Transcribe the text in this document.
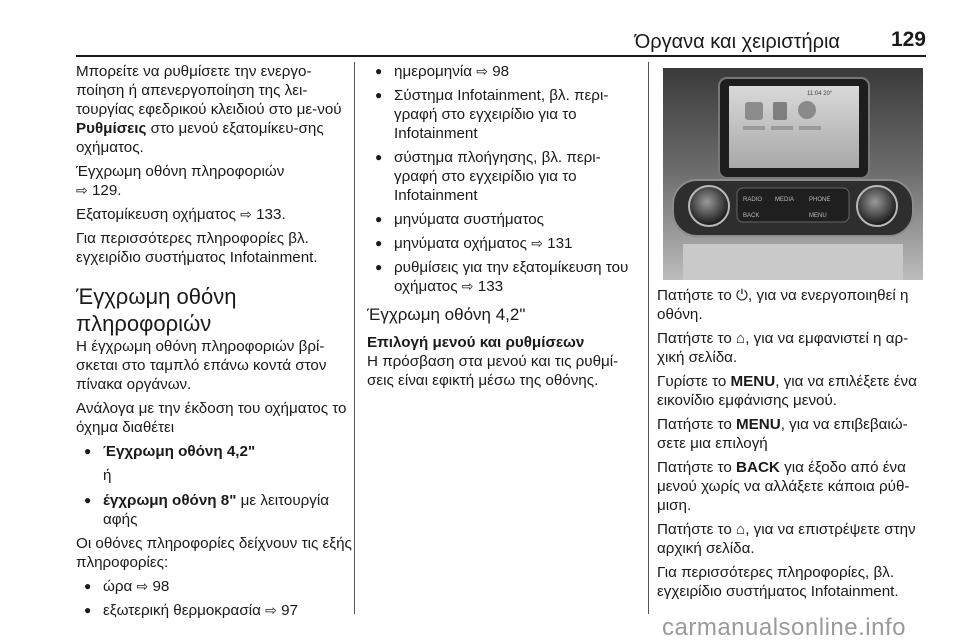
Όργανα και χειριστήρια 129

Μπορείτε να ρυθμίσετε την ενεργο‐ποίηση ή απενεργοποίηση της λει‐τουργίας εφεδρικού κλειδιού στο με‐νού Ρυθμίσεις στο μενού εξατομίκευ‐σης οχήματος.

Έγχρωμη οθόνη πληροφοριών
⇨ 129.

Εξατομίκευση οχήματος ⇨ 133.

Για περισσότερες πληροφορίες βλ. εγχειρίδιο συστήματος Infotainment.

Έγχρωμη οθόνη πληροφοριών

Η έγχρωμη οθόνη πληροφοριών βρί‐σκεται στο ταμπλό επάνω κοντά στον πίνακα οργάνων.

Ανάλογα με την έκδοση του οχήματος το όχημα διαθέτει

● Έγχρωμη οθόνη 4,2"
ή
● έγχρωμη οθόνη 8" με λειτουργία αφής

Οι οθόνες πληροφορίες δείχνουν τις εξής πληροφορίες:

● ώρα ⇨ 98
● εξωτερική θερμοκρασία ⇨ 97
● ημερομηνία ⇨ 98
● Σύστημα Infotainment, βλ. περι‐γραφή στο εγχειρίδιο για το Infotainment
● σύστημα πλοήγησης, βλ. περι‐γραφή στο εγχειρίδιο για το Infotainment
● μηνύματα συστήματος
● μηνύματα οχήματος ⇨ 131
● ρυθμίσεις για την εξατομίκευση του οχήματος ⇨ 133
Έγχρωμη οθόνη 4,2"

Επιλογή μενού και ρυθμίσεων

Η πρόσβαση στα μενού και τις ρυθμί‐σεις είναι εφικτή μέσω της οθόνης.

11:04 20°
RADIO MEDIA PHONE
BACK	MENU

Πατήστε το ⏻, για να ενεργοποιηθεί η οθόνη.

Πατήστε το ⌂, για να εμφανιστεί η αρ‐χική σελίδα.

Γυρίστε το MENU, για να επιλέξετε ένα εικονίδιο εμφάνισης μενού.

Πατήστε το MENU, για να επιβεβαιώ‐σετε μια επιλογή

Πατήστε το BACK για έξοδο από ένα μενού χωρίς να αλλάξετε κάποια ρύθ‐μιση.

Πατήστε το ⌂, για να επιστρέψετε στην αρχική σελίδα.

Για περισσότερες πληροφορίες, βλ. εγχειρίδιο συστήματος Infotainment.

carmanualsonline.info
